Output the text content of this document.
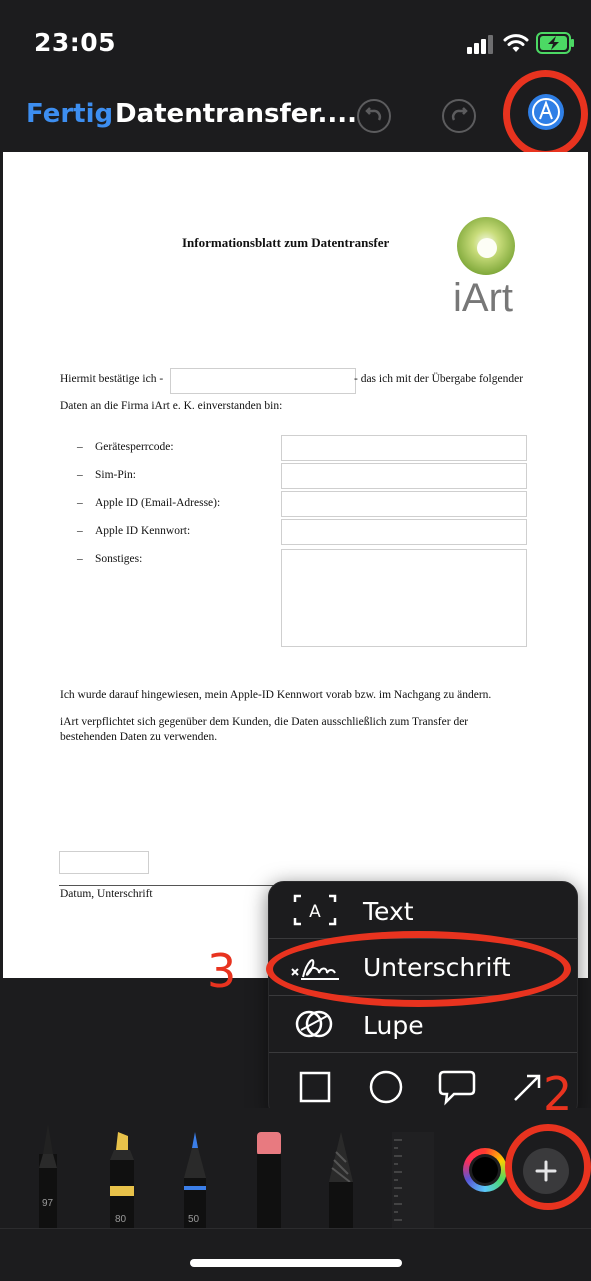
23:05
Fertig Datentransfer....
Informationsblatt zum Datentransfer
iArt
Hiermit bestätige ich -	- das ich mit der Übergabe folgender
Daten an die Firma iArt e. K. einverstanden bin:
– Gerätesperrcode:
– Sim-Pin:
– Apple ID (Email-Adresse):
– Apple ID Kennwort:
– Sonstiges:
Ich wurde darauf hingewiesen, mein Apple-ID Kennwort vorab bzw. im Nachgang zu ändern.
iArt verpflichtet sich gegenüber dem Kunden, die Daten ausschließlich zum Transfer der
bestehenden Daten zu verwenden.
Datum, Unterschrift
A Text
Unterschrift
Lupe
3
97
80	50
2
